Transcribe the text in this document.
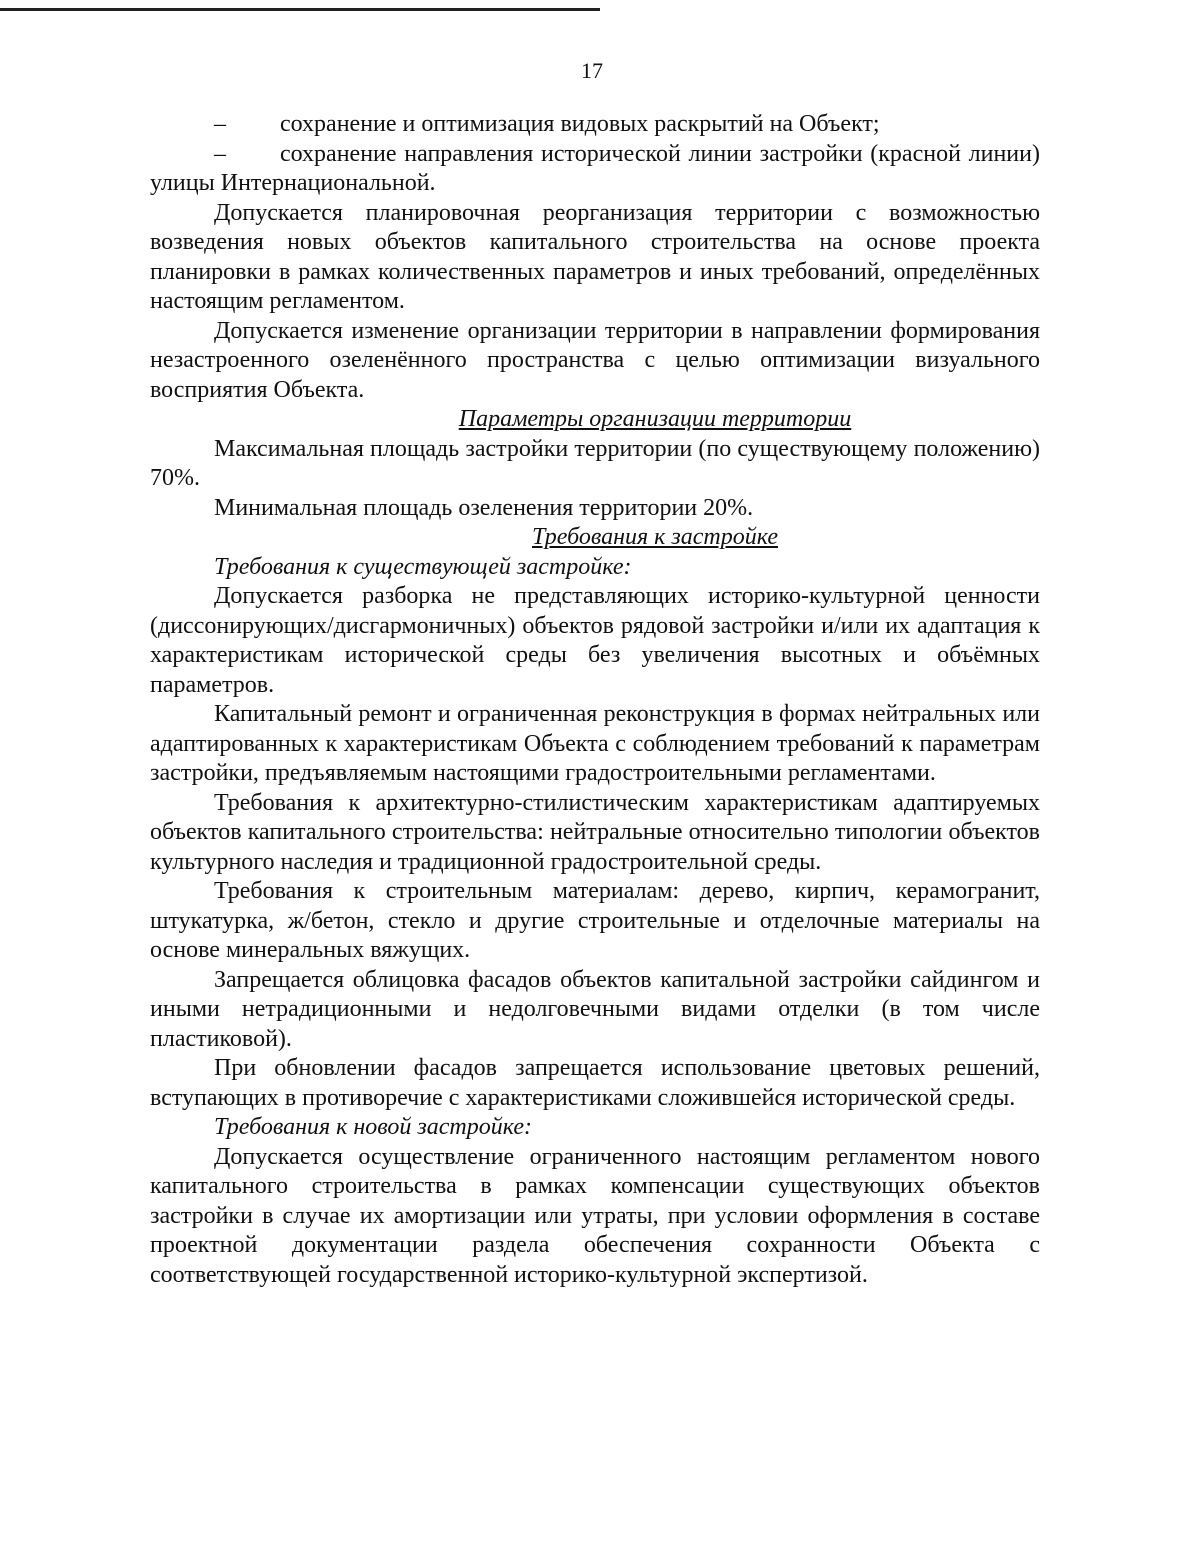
17

– сохранение и оптимизация видовых раскрытий на Объект;

– сохранение направления исторической линии застройки (красной линии) улицы Интернациональной.

Допускается планировочная реорганизация территории с возможностью возведения новых объектов капитального строительства на основе проекта планировки в рамках количественных параметров и иных требований, определённых настоящим регламентом.

Допускается изменение организации территории в направлении формирования незастроенного озеленённого пространства с целью оптимизации визуального восприятия Объекта.

Параметры организации территории

Максимальная площадь застройки территории (по существующему положению) 70%.

Минимальная площадь озеленения территории 20%.

Требования к застройке

Требования к существующей застройке:

Допускается разборка не представляющих историко-культурной ценности (диссонирующих/дисгармоничных) объектов рядовой застройки и/или их адаптация к характеристикам исторической среды без увеличения высотных и объёмных параметров.

Капитальный ремонт и ограниченная реконструкция в формах нейтральных или адаптированных к характеристикам Объекта с соблюдением требований к параметрам застройки, предъявляемым настоящими градостроительными регламентами.

Требования к архитектурно-стилистическим характеристикам адаптируемых объектов капитального строительства: нейтральные относительно типологии объектов культурного наследия и традиционной градостроительной среды.

Требования к строительным материалам: дерево, кирпич, керамогранит, штукатурка, ж/бетон, стекло и другие строительные и отделочные материалы на основе минеральных вяжущих.

Запрещается облицовка фасадов объектов капитальной застройки сайдингом и иными нетрадиционными и недолговечными видами отделки (в том числе пластиковой).

При обновлении фасадов запрещается использование цветовых решений, вступающих в противоречие с характеристиками сложившейся исторической среды.

Требования к новой застройке:

Допускается осуществление ограниченного настоящим регламентом нового капитального строительства в рамках компенсации существующих объектов застройки в случае их амортизации или утраты, при условии оформления в составе проектной документации раздела обеспечения сохранности Объекта с соответствующей государственной историко-культурной экспертизой.
